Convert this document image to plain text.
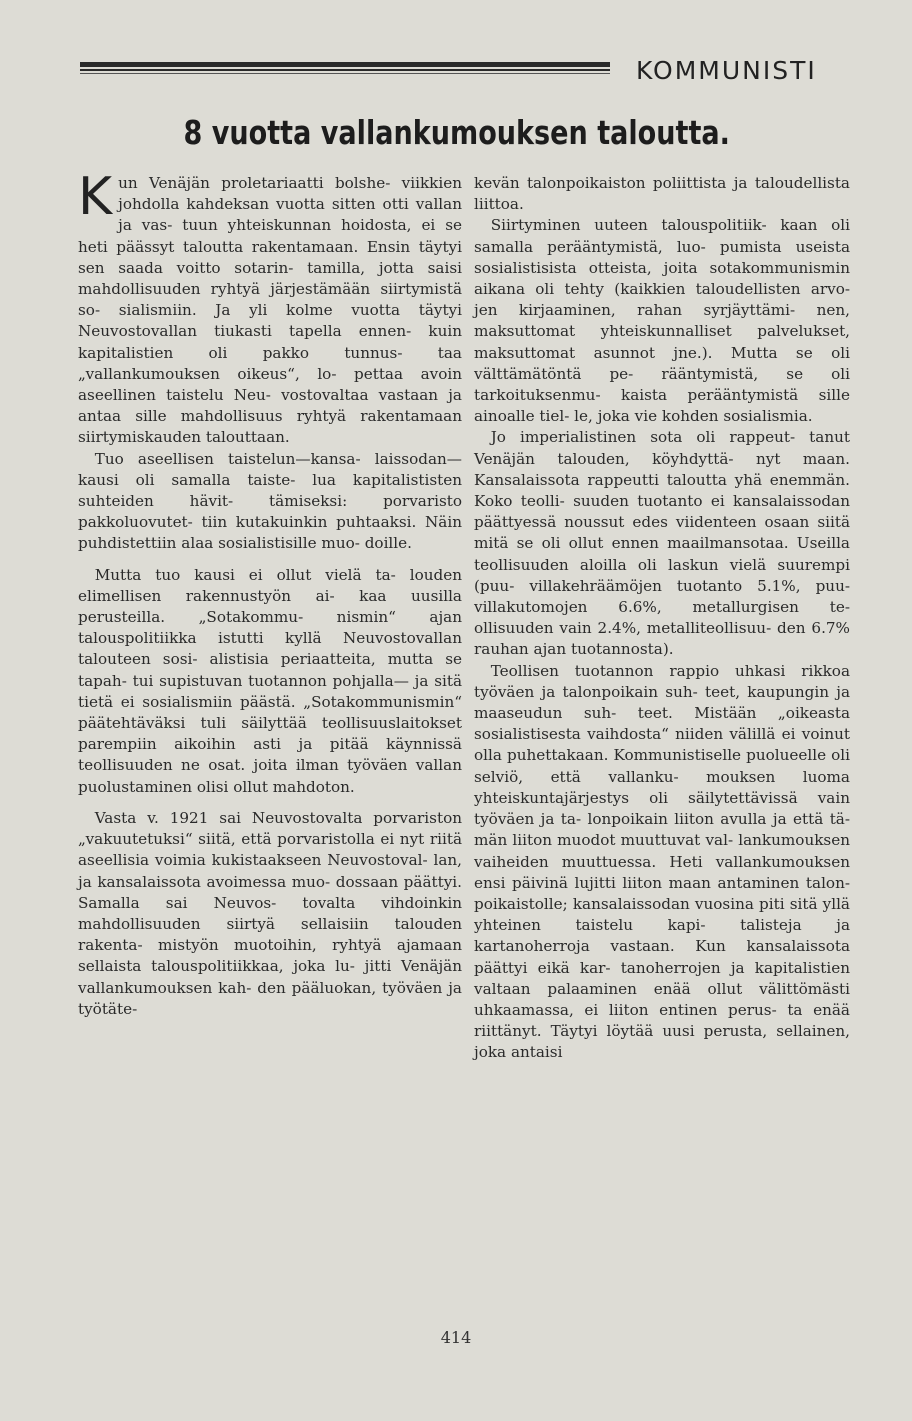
KOMMUNISTI
8 vuotta vallankumouksen taloutta.

Kun Venäjän proletariaatti bolshe- viikkien johdolla kahdeksan vuotta sitten otti vallan ja vas- tuun yhteiskunnan hoidosta, ei se heti päässyt taloutta rakentamaan. Ensin täytyi sen saada voitto sotarin- tamilla, jotta saisi mahdollisuuden ryhtyä järjestämään siirtymistä so- sialismiin. Ja yli kolme vuotta täytyi Neuvostovallan tiukasti tapella ennen- kuin kapitalistien oli pakko tunnus- taa „vallankumouksen oikeus“, lo- pettaa avoin aseellinen taistelu Neu- vostovaltaa vastaan ja antaa sille mahdollisuus ryhtyä rakentamaan siirtymiskauden talouttaan.

Tuo aseellisen taistelun—kansa- laissodan—kausi oli samalla taiste- lua kapitalististen suhteiden hävit- tämiseksi: porvaristo pakkoluovutet- tiin kutakuinkin puhtaaksi. Näin puhdistettiin alaa sosialistisille muo- doille.

Mutta tuo kausi ei ollut vielä ta- louden elimellisen rakennustyön ai- kaa uusilla perusteilla. „Sotakommu- nismin“ ajan talouspolitiikka istutti kyllä Neuvostovallan talouteen sosi- alistisia periaatteita, mutta se tapah- tui supistuvan tuotannon pohjalla— ja sitä tietä ei sosialismiin päästä. „Sotakommunismin“ päätehtäväksi tuli säilyttää teollisuuslaitokset parempiin aikoihin asti ja pitää käynnissä teollisuuden ne osat. joita ilman työväen vallan puolustaminen olisi ollut mahdoton.

Vasta v. 1921 sai Neuvostovalta porvariston „vakuutetuksi“ siitä, että porvaristolla ei nyt riitä aseellisia voimia kukistaakseen Neuvostoval- lan, ja kansalaissota avoimessa muo- dossaan päättyi. Samalla sai Neuvos- tovalta vihdoinkin mahdollisuuden siirtyä sellaisiin talouden rakenta- mistyön muotoihin, ryhtyä ajamaan sellaista talouspolitiikkaa, joka lu- jitti Venäjän vallankumouksen kah- den pääluokan, työväen ja työtäte-

kevän talonpoikaiston poliittista ja taloudellista liittoa.

Siirtyminen uuteen talouspolitiik- kaan oli samalla perääntymistä, luo- pumista useista sosialistisista otteista, joita sotakommunismin aikana oli tehty (kaikkien taloudellisten arvo- jen kirjaaminen, rahan syrjäyttämi- nen, maksuttomat yhteiskunnalliset palvelukset, maksuttomat asunnot jne.). Mutta se oli välttämätöntä pe- rääntymistä, se oli tarkoituksenmu- kaista perääntymistä sille ainoalle tiel- le, joka vie kohden sosialismia.

Jo imperialistinen sota oli rappeut- tanut Venäjän talouden, köyhdyttä- nyt maan. Kansalaissota rappeutti taloutta yhä enemmän. Koko teolli- suuden tuotanto ei kansalaissodan päättyessä noussut edes viidenteen osaan siitä mitä se oli ollut ennen maailmansotaa. Useilla teollisuuden aloilla oli laskun vielä suurempi (puu- villakehräämöjen tuotanto 5.1%, puu- villakutomojen 6.6%, metallurgisen te- ollisuuden vain 2.4%, metalliteollisuu- den 6.7% rauhan ajan tuotannosta).

Teollisen tuotannon rappio uhkasi rikkoa työväen ja talonpoikain suh- teet, kaupungin ja maaseudun suh- teet. Mistään „oikeasta sosialistisesta vaihdosta“ niiden välillä ei voinut olla puhettakaan. Kommunistiselle puolueelle oli selviö, että vallanku- mouksen luoma yhteiskuntajärjestys oli säilytettävissä vain työväen ja ta- lonpoikain liiton avulla ja että tä- män liiton muodot muuttuvat val- lankumouksen vaiheiden muuttuessa. Heti vallankumouksen ensi päivinä lujitti liiton maan antaminen talon- poikaistolle; kansalaissodan vuosina piti sitä yllä yhteinen taistelu kapi- talisteja ja kartanoherroja vastaan. Kun kansalaissota päättyi eikä kar- tanoherrojen ja kapitalistien valtaan palaaminen enää ollut välittömästi uhkaamassa, ei liiton entinen perus- ta enää riittänyt. Täytyi löytää uusi perusta, sellainen, joka antaisi

414
